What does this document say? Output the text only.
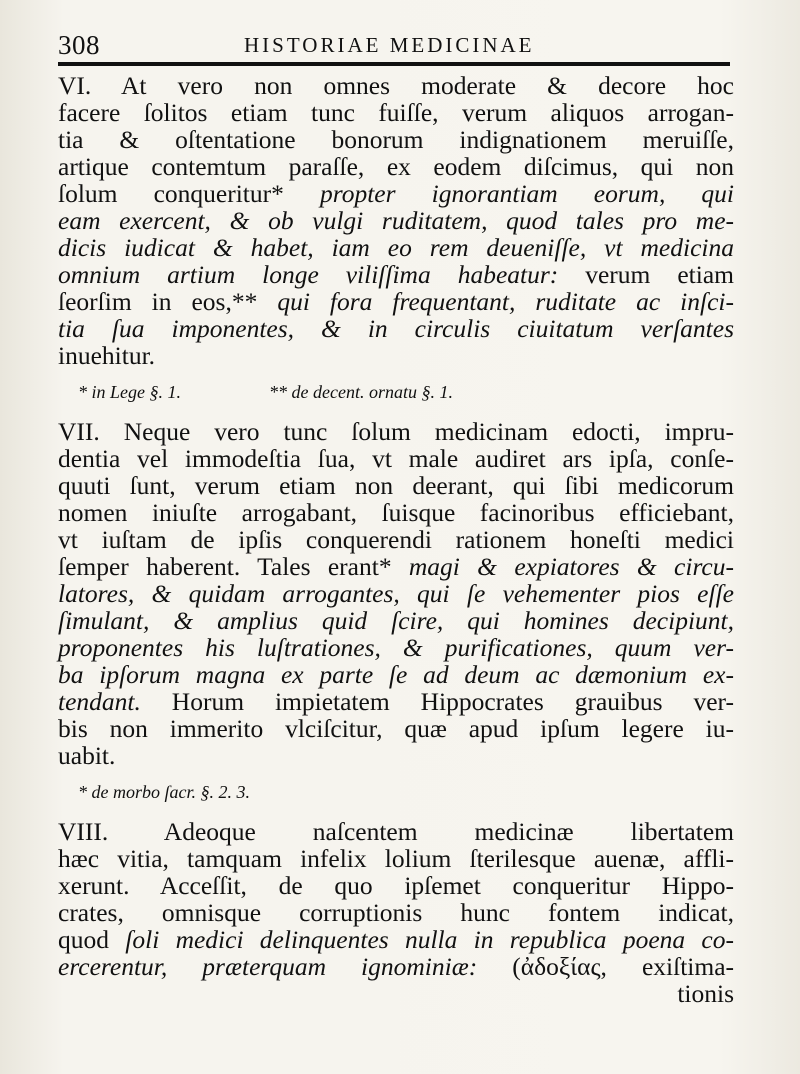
308	HISTORIAE MEDICINAE
VI. At vero non omnes moderate & decore hoc
facere ſolitos etiam tunc fuiſſe, verum aliquos arrogan-
tia & oſtentatione bonorum indignationem meruiſſe,
artique contemtum paraſſe, ex eodem diſcimus, qui non
ſolum conqueritur* propter ignorantiam eorum, qui
eam exercent, & ob vulgi ruditatem, quod tales pro me-
dicis iudicat & habet, iam eo rem deueniſſe, vt medicina
omnium artium longe viliſſima habeatur: verum etiam
ſeorſim in eos,** qui fora frequentant, ruditate ac inſci-
tia ſua imponentes, & in circulis ciuitatum verſantes
inuehitur.
* in Lege §. 1.	** de decent. ornatu §. 1.
VII. Neque vero tunc ſolum medicinam edocti, impru-
dentia vel immodeſtia ſua, vt male audiret ars ipſa, conſe-
quuti ſunt, verum etiam non deerant, qui ſibi medicorum
nomen iniuſte arrogabant, ſuisque facinoribus efficiebant,
vt iuſtam de ipſis conquerendi rationem honeſti medici
ſemper haberent. Tales erant* magi & expiatores & circu-
latores, & quidam arrogantes, qui ſe vehementer pios eſſe
ſimulant, & amplius quid ſcire, qui homines decipiunt,
proponentes his luſtrationes, & purificationes, quum ver-
ba ipſorum magna ex parte ſe ad deum ac dæmonium ex-
tendant. Horum impietatem Hippocrates grauibus ver-
bis non immerito vlciſcitur, quæ apud ipſum legere iu-
uabit.
* de morbo ſacr. §. 2. 3.
VIII. Adeoque naſcentem medicinæ libertatem
hæc vitia, tamquam infelix lolium ſterilesque auenæ, affli-
xerunt. Acceſſit, de quo ipſemet conqueritur Hippo-
crates, omnisque corruptionis hunc fontem indicat,
quod ſoli medici delinquentes nulla in republica poena co-
ercerentur, præterquam ignominiæ: (ἀδοξίας, exiſtima-
tionis
